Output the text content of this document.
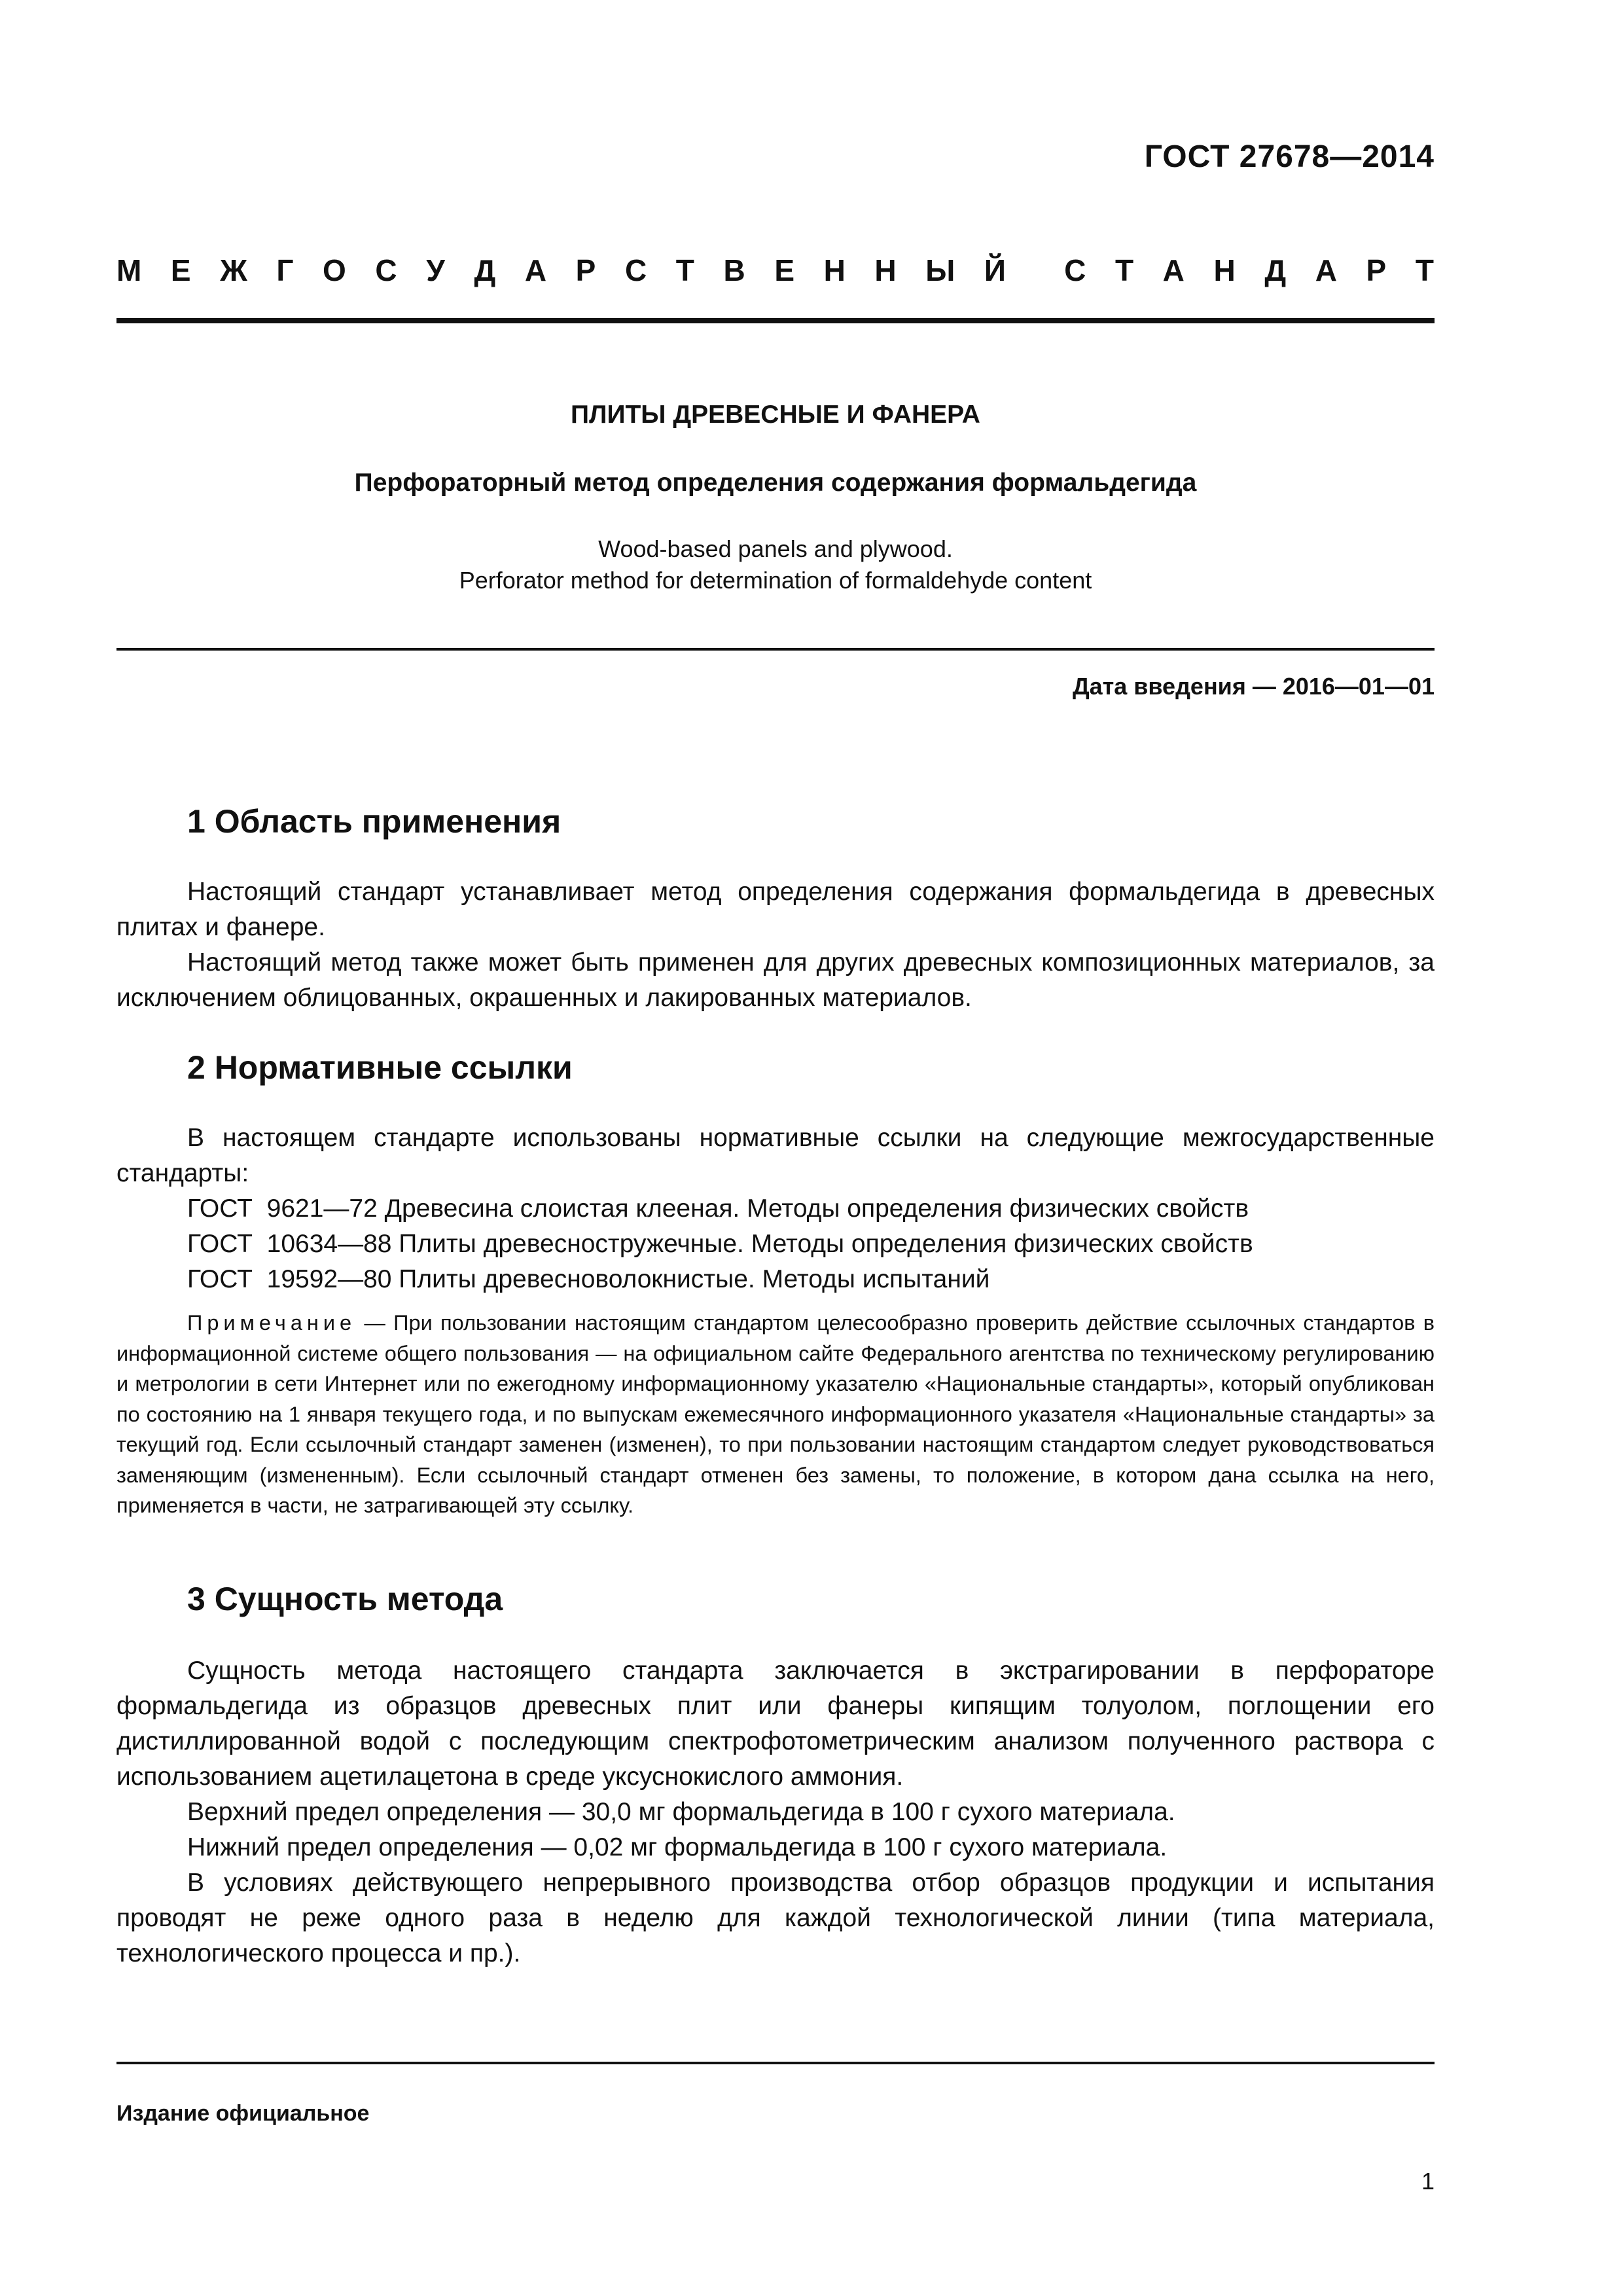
ГОСТ 27678—2014
М Е Ж Г О С У Д А Р С Т В Е Н Н Ы Й С Т А Н Д А Р Т
ПЛИТЫ ДРЕВЕСНЫЕ И ФАНЕРА
Перфораторный метод определения содержания формальдегида
Wood-based panels and plywood.
Perforator method for determination of formaldehyde content
Дата введения — 2016—01—01
1 Область применения

Настоящий стандарт устанавливает метод определения содержания формальдегида в древесных плитах и фанере.

Настоящий метод также может быть применен для других древесных композиционных материалов, за исключением облицованных, окрашенных и лакированных материалов.

2 Нормативные ссылки

В настоящем стандарте использованы нормативные ссылки на следующие межгосударственные стандарты:

ГОСТ  9621—72 Древесина слоистая клееная. Методы определения физических свойств
ГОСТ  10634—88 Плиты древесностружечные. Методы определения физических свойств
ГОСТ  19592—80 Плиты древесноволокнистые. Методы испытаний

Примечание — При пользовании настоящим стандартом целесообразно проверить действие ссылочных стандартов в информационной системе общего пользования — на официальном сайте Федерального агентства по техническому регулированию и метрологии в сети Интернет или по ежегодному информационному указателю «Национальные стандарты», который опубликован по состоянию на 1 января текущего года, и по выпускам ежемесячного информационного указателя «Национальные стандарты» за текущий год. Если ссылочный стандарт заменен (изменен), то при пользовании настоящим стандартом следует руководствоваться заменяющим (измененным). Если ссылочный стандарт отменен без замены, то положение, в котором дана ссылка на него, применяется в части, не затрагивающей эту ссылку.

3 Сущность метода

Сущность метода настоящего стандарта заключается в экстрагировании в перфораторе формальдегида из образцов древесных плит или фанеры кипящим толуолом, поглощении его дистиллированной водой с последующим спектрофотометрическим анализом полученного раствора с использованием ацетилацетона в среде уксуснокислого аммония.

Верхний предел определения — 30,0 мг формальдегида в 100 г сухого материала.

Нижний предел определения — 0,02 мг формальдегида в 100 г сухого материала.

В условиях действующего непрерывного производства отбор образцов продукции и испытания проводят не реже одного раза в неделю для каждой технологической линии (типа материала, технологического процесса и пр.).

Издание официальное
1
